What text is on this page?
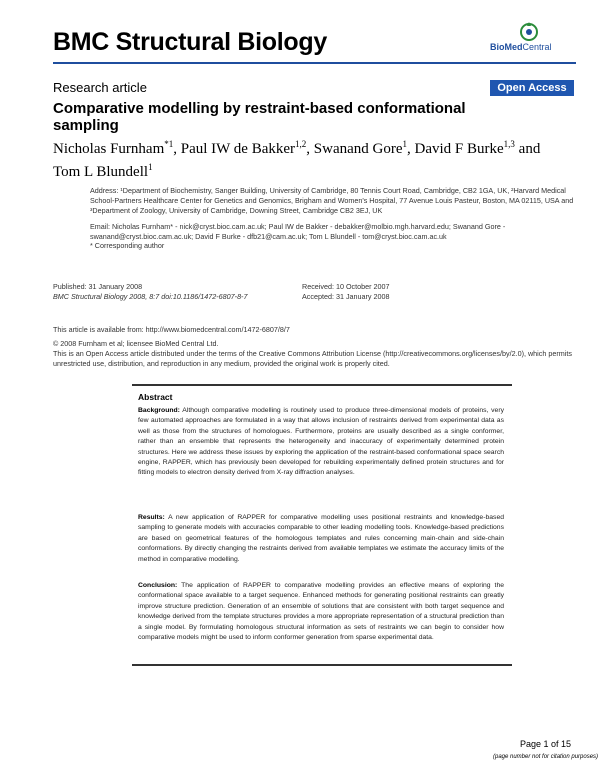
BMC Structural Biology	BioMedCentral
Research article	Open Access
Comparative modelling by restraint-based conformational sampling
Nicholas Furnham$^{*1}$, Paul IW de Bakker$^{1,2}$, Swanand Gore$^1$, David F Burke$^{1,3}$ and
Tom L Blundell$^1$
Address: ¹Department of Biochemistry, Sanger Building, University of Cambridge, 80 Tennis Court Road, Cambridge, CB2 1GA, UK, ²Harvard Medical School-Partners Healthcare Center for Genetics and Genomics, Brigham and Women's Hospital, 77 Avenue Louis Pasteur, Boston, MA 02115, USA and ³Department of Zoology, University of Cambridge, Downing Street, Cambridge CB2 3EJ, UK
Email: Nicholas Furnham* - nick@cryst.bioc.cam.ac.uk; Paul IW de Bakker - debakker@molbio.mgh.harvard.edu; Swanand Gore - swanand@cryst.bioc.cam.ac.uk; David F Burke - dfb21@cam.ac.uk; Tom L Blundell - tom@cryst.bioc.cam.ac.uk
* Corresponding author
Published: 31 January 2008
BMC Structural Biology 2008, 8:7 doi:10.1186/1472-6807-8-7
Received: 10 October 2007
Accepted: 31 January 2008
This article is available from: http://www.biomedcentral.com/1472-6807/8/7
© 2008 Furnham et al; licensee BioMed Central Ltd.
This is an Open Access article distributed under the terms of the Creative Commons Attribution License (http://creativecommons.org/licenses/by/2.0), which permits unrestricted use, distribution, and reproduction in any medium, provided the original work is properly cited.
Abstract
Background: Although comparative modelling is routinely used to produce three-dimensional models of proteins, very few automated approaches are formulated in a way that allows inclusion of restraints derived from experimental data as well as those from the structures of homologues. Furthermore, proteins are usually described as a single conformer, rather than an ensemble that represents the heterogeneity and inaccuracy of experimentally determined protein structures. Here we address these issues by exploring the application of the restraint-based conformational space search engine, RAPPER, which has previously been developed for rebuilding experimentally defined protein structures and for fitting models to electron density derived from X-ray diffraction analyses.
Results: A new application of RAPPER for comparative modelling uses positional restraints and knowledge-based sampling to generate models with accuracies comparable to other leading modelling tools. Knowledge-based predictions are based on geometrical features of the homologous templates and rules concerning main-chain and side-chain conformations. By directly changing the restraints derived from available templates we estimate the accuracy limits of the method in comparative modelling.
Conclusion: The application of RAPPER to comparative modelling provides an effective means of exploring the conformational space available to a target sequence. Enhanced methods for generating positional restraints can greatly improve structure prediction. Generation of an ensemble of solutions that are consistent with both target sequence and knowledge derived from the template structures provides a more appropriate representation of a structural prediction than a single model. By formulating homologous structural information as sets of restraints we can begin to consider how comparative models might be used to inform conformer generation from sparse experimental data.
Page 1 of 15
(page number not for citation purposes)
